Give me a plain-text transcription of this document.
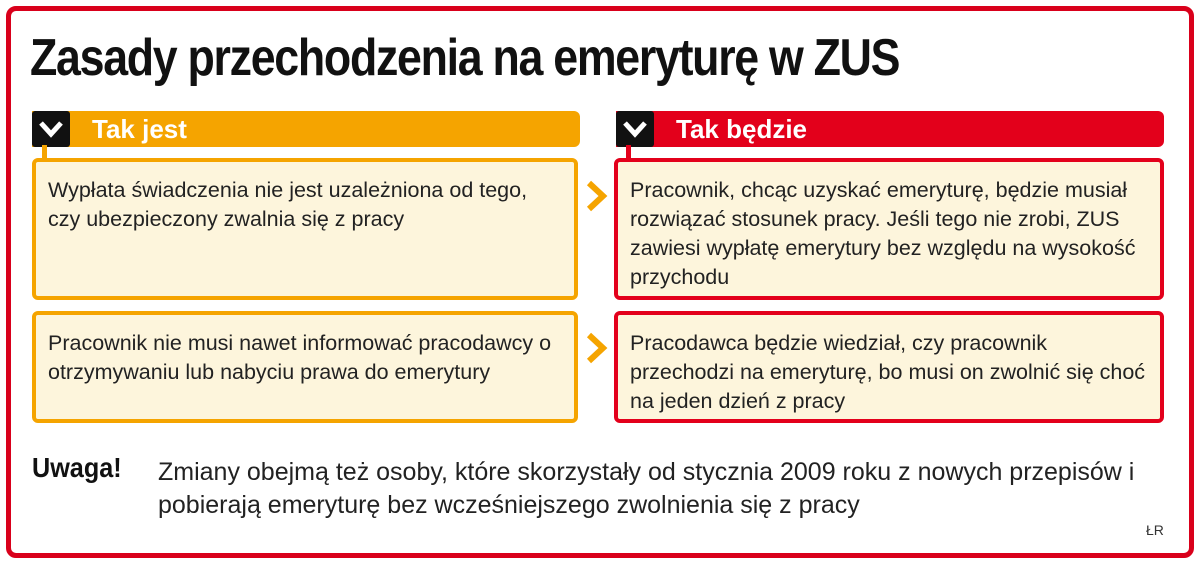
Zasady przechodzenia na emeryturę w ZUS
Tak jest	Tak będzie
Wypłata świadczenia nie jest uzależniona od tego, czy ubezpieczony zwalnia się z pracy
Pracownik, chcąc uzyskać emeryturę, będzie musiał rozwiązać stosunek pracy. Jeśli tego nie zrobi, ZUS zawiesi wypłatę emerytury bez względu na wysokość przychodu
Pracownik nie musi nawet informować pracodawcy o otrzymywaniu lub nabyciu prawa do emerytury
Pracodawca będzie wiedział, czy pracownik przechodzi na emeryturę, bo musi on zwolnić się choć na jeden dzień z pracy
Uwaga! Zmiany obejmą też osoby, które skorzystały od stycznia 2009 roku z nowych przepisów i pobierają emeryturę bez wcześniejszego zwolnienia się z pracy
ŁR
